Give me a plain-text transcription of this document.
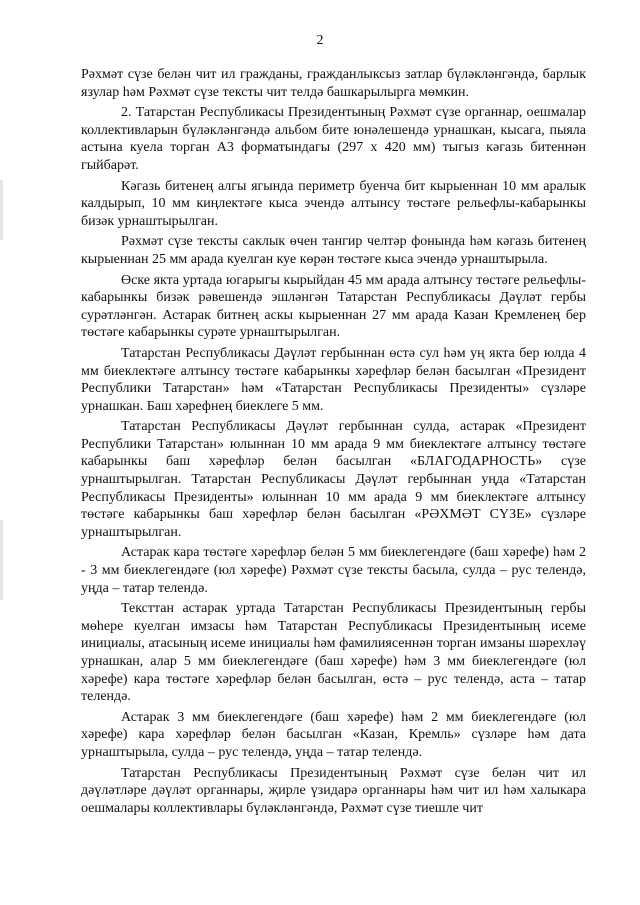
2

Рәхмәт сүзе белән чит ил гражданы, гражданлыксыз затлар бүләкләнгәндә, барлык язулар һәм Рәхмәт сүзе тексты чит телдә башкарылырга мөмкин.

2. Татарстан Республикасы Президентының Рәхмәт сүзе органнар, оешмалар коллективларын бүләкләнгәндә альбом бите юнәлешендә урнашкан, кысага, пыяла астына куела торган А3 форматындагы (297 х 420 мм) тыгыз кәгазь битеннән гыйбарәт.

Кәгазь битенең алгы ягында периметр буенча бит кырыеннан 10 мм аралык калдырып, 10 мм киңлектәге кыса эчендә алтынсу төстәге рельефлы-кабарынкы бизәк урнаштырылган.

Рәхмәт сүзе тексты саклык өчен тангир челтәр фонында һәм кәгазь битенең кырыеннан 25 мм арада куелган куе көрән төстәге кыса эчендә урнаштырыла.

Өске якта уртада югарыгы кырыйдан 45 мм арада алтынсу төстәге рельефлы-кабарынкы бизәк рәвешендә эшләнгән Татарстан Республикасы Дәүләт гербы сурәтләнгән. Астарак битнең аскы кырыеннан 27 мм арада Казан Кремленең бер төстәге кабарынкы сурәте урнаштырылган.

Татарстан Республикасы Дәүләт гербыннан өстә сул һәм уң якта бер юлда 4 мм биеклектәге алтынсу төстәге кабарынкы хәрефләр белән басылган «Президент Республики Татарстан» һәм «Татарстан Республикасы Президенты» сүзләре урнашкан. Баш хәрефнең биеклеге 5 мм.

Татарстан Республикасы Дәүләт гербыннан сулда, астарак «Президент Республики Татарстан» юлыннан 10 мм арада 9 мм биеклектәге алтынсу төстәге кабарынкы баш хәрефләр белән басылган «БЛАГОДАРНОСТЬ» сүзе урнаштырылган. Татарстан Республикасы Дәүләт гербыннан уңда «Татарстан Республикасы Президенты» юлыннан 10 мм арада 9 мм биеклектәге алтынсу төстәге кабарынкы баш хәрефләр белән басылган «РӘХМӘТ СҮЗЕ» сүзләре урнаштырылган.

Астарак кара төстәге хәрефләр белән 5 мм биеклегендәге (баш хәрефе) һәм 2 - 3 мм биеклегендәге (юл хәрефе) Рәхмәт сүзе тексты басыла, сулда – рус телендә, уңда – татар телендә.

Тексттан астарак уртада Татарстан Республикасы Президентының гербы мөһере куелган имзасы һәм Татарстан Республикасы Президентының исеме инициалы, атасының исеме инициалы һәм фамилиясеннән торган имзаны шәрехләү урнашкан, алар 5 мм биеклегендәге (баш хәрефе) һәм 3 мм биеклегендәге (юл хәрефе) кара төстәге хәрефләр белән басылган, өстә – рус телендә, аста – татар телендә.

Астарак 3 мм биеклегендәге (баш хәрефе) һәм 2 мм биеклегендәге (юл хәрефе) кара хәрефләр белән басылган «Казан, Кремль» сүзләре һәм дата урнаштырыла, сулда – рус телендә, уңда – татар телендә.

Татарстан Республикасы Президентының Рәхмәт сүзе белән чит ил дәүләтләре дәүләт органнары, җирле үзидарә органнары һәм чит ил һәм халыкара оешмалары коллективлары бүләкләнгәндә, Рәхмәт сүзе тиешле чит
